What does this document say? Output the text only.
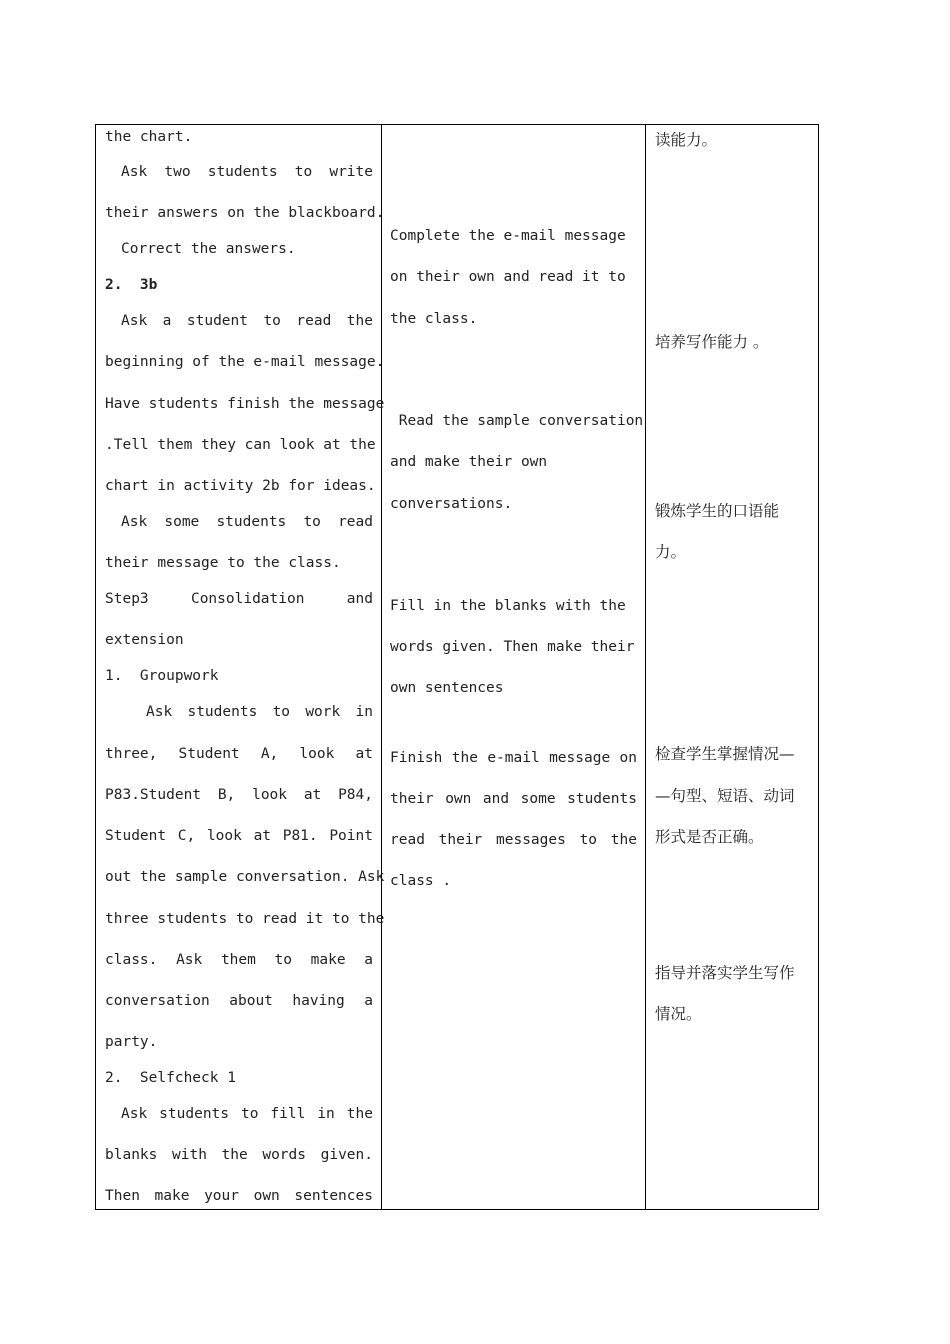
the chart.

Ask two students to write

their answers on the blackboard.

Correct the answers.

2.  3b

Ask a student to read the

beginning of the e-mail message.

Have students finish the message

.Tell them they can look at the

chart in activity 2b for ideas.

Ask some students to read

their message to the class.

Step3	Consolidation	and

extension

1.  Groupwork

Ask students to work in
three, Student A, look at
P83.Student B, look at P84,
Student C, look at P81. Point

out the sample conversation. Ask

three students to read it to the

class. Ask them to make a
conversation about having a

party.

2.  Selfcheck 1

Ask students to fill in the
blanks with the words given.
Then make your own sentences

Complete the e-mail message

on their own and read it to

the class.

Read the sample conversation

and make their own

conversations.

Fill in the blanks with the

words given. Then make their

own sentences

Finish the e-mail message on
their own and some students
read their messages to the

class .

读能力。

培养写作能力 。

锻炼学生的口语能

力。

检查学生掌握情况—

—句型、短语、动词

形式是否正确。

指导并落实学生写作

情况。
